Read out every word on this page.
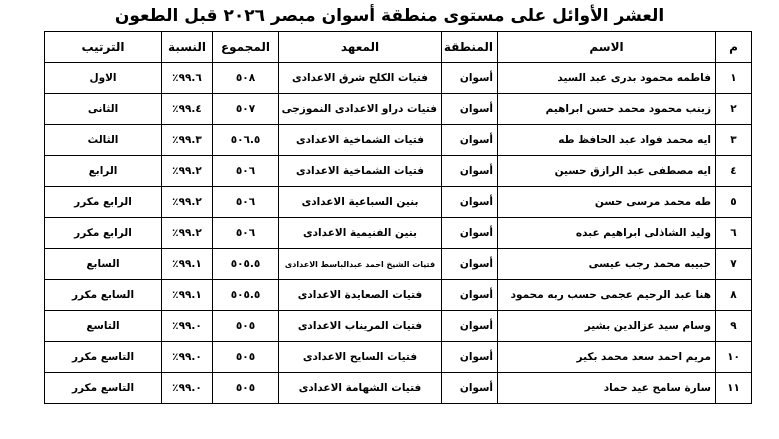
العشر الأوائل على مستوى منطقة أسوان مبصر ٢٠٢٦ قبل الطعون
م	الاسم	المنطقة	المعهد	المجموع	النسبة	الترتيب
١	فاطمه محمود بدرى عبد السيد	أسوان	فتيات الكلح شرق الاعدادى	٥٠٨	٩٩.٦٪	الاول
٢	زينب محمود محمد حسن ابراهيم	أسوان	فتيات دراو الاعدادى النموزجى	٥٠٧	٩٩.٤٪	الثانى
٣	ايه محمد فواد عبد الحافظ طه	أسوان	فتيات الشماخية الاعدادى	٥٠٦.٥	٩٩.٣٪	الثالث
٤	ايه مصطفى عبد الرازق حسين	أسوان	فتيات الشماخية الاعدادى	٥٠٦	٩٩.٢٪	الرابع
٥	طه محمد مرسى حسن	أسوان	بنين السباعية الاعدادى	٥٠٦	٩٩.٢٪	الرابع مكرر
٦	وليد الشاذلى ابراهيم عبده	أسوان	بنين الفنيمية الاعدادى	٥٠٦	٩٩.٢٪	الرابع مكرر
٧	حبيبه محمد رجب عيسى	أسوان	فتيات الشيخ احمد عبدالباسط الاعدادى	٥٠٥.٥	٩٩.١٪	السابع
٨	هنا عبد الرحيم عجمى حسب ربه محمود	أسوان	فتيات الصعايدة الاعدادى	٥٠٥.٥	٩٩.١٪	السابع مكرر
٩	وسام سيد عزالدين بشير	أسوان	فتيات المريناب الاعدادى	٥٠٥	٩٩.٠٪	التاسع
١٠	مريم احمد سعد محمد بكير	أسوان	فتيات السايح الاعدادى	٥٠٥	٩٩.٠٪	التاسع مكرر
١١	سارة سامح عيد حماد	أسوان	فتيات الشهامة الاعدادى	٥٠٥	٩٩.٠٪	التاسع مكرر
